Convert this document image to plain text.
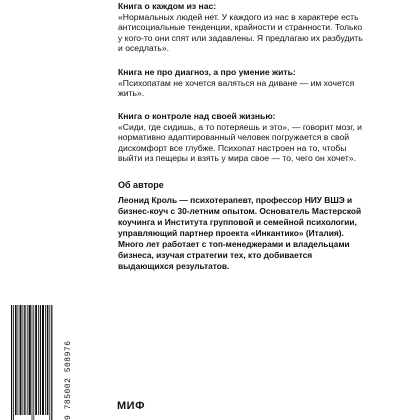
Книга о каждом из нас:
«Нормальных людей нет. У каждого из нас в характере есть антисоциальные тенденции, крайности и странности. Только у кого-то они спят или задавлены. Я предлагаю их разбудить и оседлать».
Книга не про диагноз, а про умение жить:
«Психопатам не хочется валяться на диване — им хочется жить».
Книга о контроле над своей жизнью:
«Сиди, где сидишь, а то потеряешь и это», — говорит мозг, и нормативно адаптированный человек погружается в свой дискомфорт все глубже. Психопат настроен на то, чтобы выйти из пещеры и взять у мира свое — то, чего он хочет».
Об авторе
Леонид Кроль — психотерапевт, профессор НИУ ВШЭ и бизнес-коуч с 30-летним опытом. Основатель Мастерской коучинга и Института групповой и семейной психологии, управляющий партнер проекта «Инкантико» (Италия). Много лет работает с топ-менеджерами и владельцами бизнеса, изучая стратегии тех, кто добивается выдающихся результатов.
9 785002 508976	МИФ
